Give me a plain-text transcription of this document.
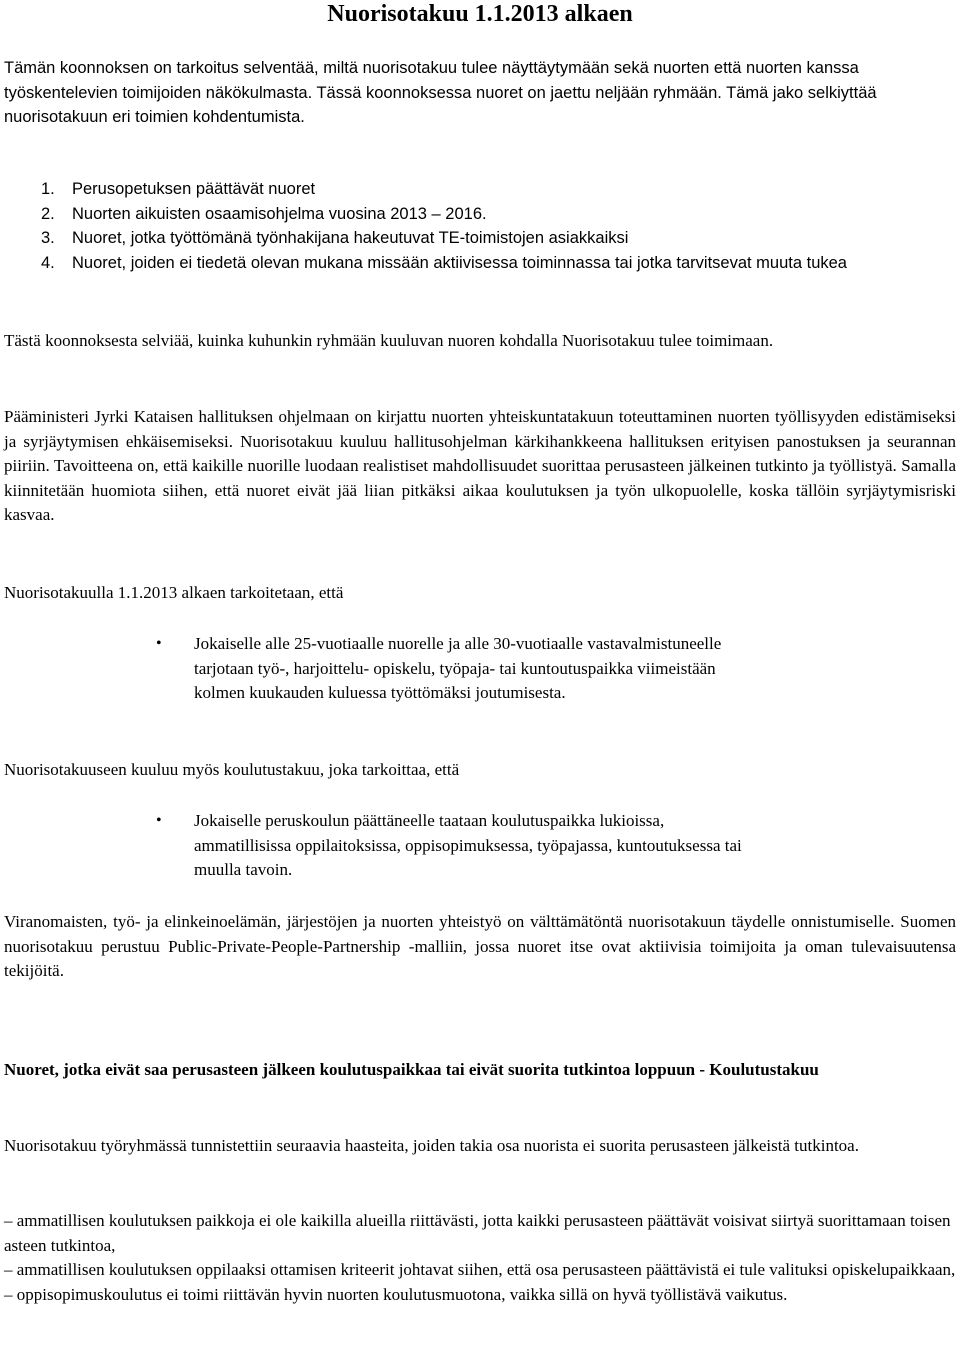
Nuorisotakuu 1.1.2013 alkaen

Tämän koonnoksen on tarkoitus selventää, miltä nuorisotakuu tulee näyttäytymään sekä nuorten että nuorten kanssa työskentelevien toimijoiden näkökulmasta. Tässä koonnoksessa nuoret on jaettu neljään ryhmään. Tämä jako selkiyttää nuorisotakuun eri toimien kohdentumista.

1. Perusopetuksen päättävät nuoret
2. Nuorten aikuisten osaamisohjelma vuosina 2013 – 2016.
3. Nuoret, jotka työttömänä työnhakijana hakeutuvat TE-toimistojen asiakkaiksi
4. Nuoret, joiden ei tiedetä olevan mukana missään aktiivisessa toiminnassa tai jotka tarvitsevat muuta tukea

Tästä koonnoksesta selviää, kuinka kuhunkin ryhmään kuuluvan nuoren kohdalla Nuorisotakuu tulee toimimaan.

Pääministeri Jyrki Kataisen hallituksen ohjelmaan on kirjattu nuorten yhteiskuntatakuun toteuttaminen nuorten työllisyyden edistämiseksi ja syrjäytymisen ehkäisemiseksi. Nuorisotakuu kuuluu hallitusohjelman kärkihankkeena hallituksen erityisen panostuksen ja seurannan piiriin. Tavoitteena on, että kaikille nuorille luodaan realistiset mahdollisuudet suorittaa perusasteen jälkeinen tutkinto ja työllistyä. Samalla kiinnitetään huomiota siihen, että nuoret eivät jää liian pitkäksi aikaa koulutuksen ja työn ulkopuolelle, koska tällöin syrjäytymisriski kasvaa.

Nuorisotakuulla 1.1.2013 alkaen tarkoitetaan, että

• Jokaiselle alle 25-vuotiaalle nuorelle ja alle 30-vuotiaalle vastavalmistuneelle tarjotaan työ-, harjoittelu- opiskelu, työpaja- tai kuntoutuspaikka viimeistään kolmen kuukauden kuluessa työttömäksi joutumisesta.

Nuorisotakuuseen kuuluu myös koulutustakuu, joka tarkoittaa, että

• Jokaiselle peruskoulun päättäneelle taataan koulutuspaikka lukioissa, ammatillisissa oppilaitoksissa, oppisopimuksessa, työpajassa, kuntoutuksessa tai muulla tavoin.

Viranomaisten, työ- ja elinkeinoelämän, järjestöjen ja nuorten yhteistyö on välttämätöntä nuorisotakuun täydelle onnistumiselle. Suomen nuorisotakuu perustuu Public-Private-People-Partnership -malliin, jossa nuoret itse ovat aktiivisia toimijoita ja oman tulevaisuutensa tekijöitä.

Nuoret, jotka eivät saa perusasteen jälkeen koulutuspaikkaa tai eivät suorita tutkintoa loppuun - Koulutustakuu

Nuorisotakuu työryhmässä tunnistettiin seuraavia haasteita, joiden takia osa nuorista ei suorita perusasteen jälkeistä tutkintoa.

– ammatillisen koulutuksen paikkoja ei ole kaikilla alueilla riittävästi, jotta kaikki perusasteen päättävät voisivat siirtyä suorittamaan toisen asteen tutkintoa,
– ammatillisen koulutuksen oppilaaksi ottamisen kriteerit johtavat siihen, että osa perusasteen päättävistä ei tule valituksi opiskelupaikkaan,
– oppisopimuskoulutus ei toimi riittävän hyvin nuorten koulutusmuotona, vaikka sillä on hyvä työllistävä vaikutus.
